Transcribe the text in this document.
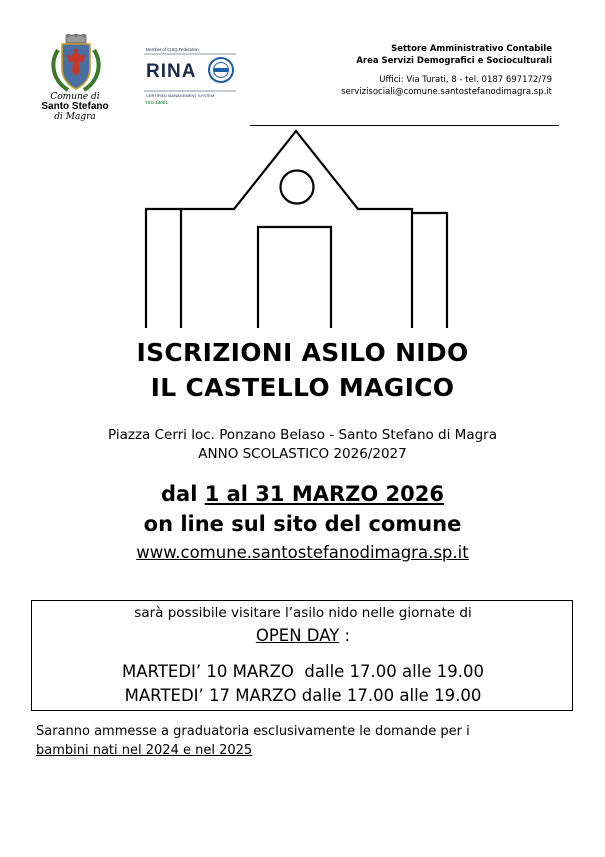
Comune di
Santo Stefano
di Magra
Member of CISQ Federation
RINA
CERTIFIED MANAGEMENT SYSTEM
ISO 14001
Settore Amministrativo Contabile
Area Servizi Demografici e Socioculturali
Uffici: Via Turati, 8 - tel. 0187 697172/79
servizisociali@comune.santostefanodimagra.sp.it
ISCRIZIONI ASILO NIDO
IL CASTELLO MAGICO
Piazza Cerri loc. Ponzano Belaso - Santo Stefano di Magra
ANNO SCOLASTICO 2026/2027
dal 1 al 31 MARZO 2026
on line sul sito del comune
www.comune.santostefanodimagra.sp.it
sarà possibile visitare l’asilo nido nelle giornate di
OPEN DAY :
MARTEDI’ 10 MARZO  dalle 17.00 alle 19.00
MARTEDI’ 17 MARZO dalle 17.00 alle 19.00
Saranno ammesse a graduatoria esclusivamente le domande per i
bambini nati nel 2024 e nel 2025
